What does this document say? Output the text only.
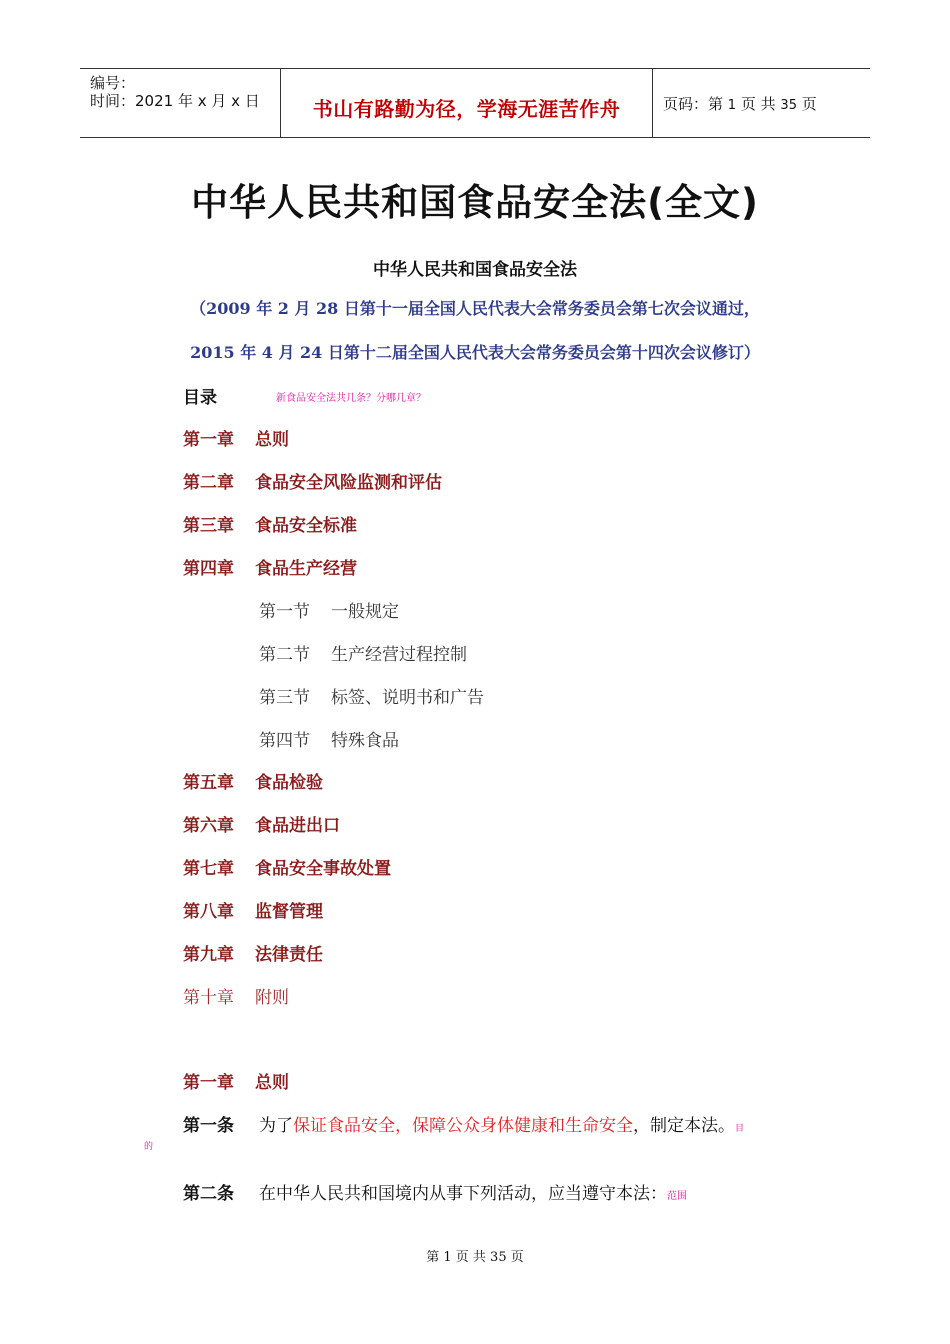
编号：
时间：2021 年 x 月 x 日	书山有路勤为径，学海无涯苦作舟	页码：第 1 页 共 35 页
中华人民共和国食品安全法(全文)
中华人民共和国食品安全法
（2009 年 2 月 28 日第十一届全国人民代表大会常务委员会第七次会议通过，
2015 年 4 月 24 日第十二届全国人民代表大会常务委员会第十四次会议修订）
目录	新食品安全法共几条？分哪几章？
第一章 总则
第二章 食品安全风险监测和评估
第三章 食品安全标准
第四章 食品生产经营
第一节 一般规定
第二节 生产经营过程控制
第三节 标签、说明书和广告
第四节 特殊食品
第五章 食品检验
第六章 食品进出口
第七章 食品安全事故处置
第八章 监督管理
第九章 法律责任
第十章 附则
第一章 总则
第一条 为了保证食品安全，保障公众身体健康和生命安全，制定本法。目
的
第二条 在中华人民共和国境内从事下列活动，应当遵守本法：范围
第 1 页 共 35 页
